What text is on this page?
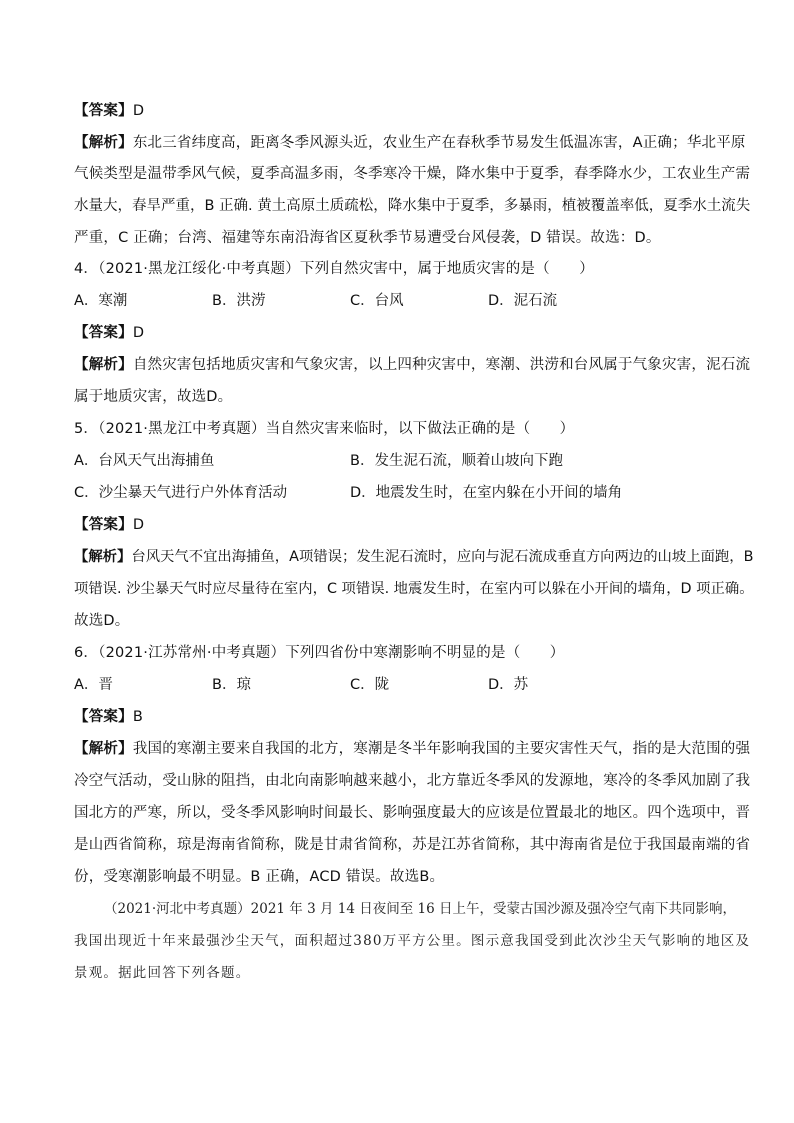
【答案】D
【解析】东北三省纬度高，距离冬季风源头近，农业生产在春秋季节易发生低温冻害，A正确；华北平原
气候类型是温带季风气候，夏季高温多雨，冬季寒冷干燥，降水集中于夏季，春季降水少，工农业生产需
水量大，春旱严重，B 正确. 黄土高原土质疏松，降水集中于夏季，多暴雨，植被覆盖率低，夏季水土流失
严重，C 正确；台湾、福建等东南沿海省区夏秋季节易遭受台风侵袭，D 错误。故选：D。
4．（2021·黑龙江绥化·中考真题）下列自然灾害中，属于地质灾害的是（　　）
A．寒潮	B．洪涝	C．台风	D．泥石流
【答案】D
【解析】自然灾害包括地质灾害和气象灾害，以上四种灾害中，寒潮、洪涝和台风属于气象灾害，泥石流
属于地质灾害，故选D。
5．（2021·黑龙江中考真题）当自然灾害来临时，以下做法正确的是（　　）
A．台风天气出海捕鱼	B．发生泥石流，顺着山坡向下跑
C．沙尘暴天气进行户外体育活动	D．地震发生时，在室内躲在小开间的墙角
【答案】D
【解析】台风天气不宜出海捕鱼，A项错误；发生泥石流时，应向与泥石流成垂直方向两边的山坡上面跑，B
项错误. 沙尘暴天气时应尽量待在室内，C 项错误. 地震发生时，在室内可以躲在小开间的墙角，D 项正确。
故选D。
6．（2021·江苏常州·中考真题）下列四省份中寒潮影响不明显的是（　　）
A．晋	B．琼	C．陇	D．苏
【答案】B
【解析】我国的寒潮主要来自我国的北方，寒潮是冬半年影响我国的主要灾害性天气，指的是大范围的强
冷空气活动，受山脉的阻挡，由北向南影响越来越小，北方靠近冬季风的发源地，寒冷的冬季风加剧了我
国北方的严寒，所以，受冬季风影响时间最长、影响强度最大的应该是位置最北的地区。四个选项中，晋
是山西省简称，琼是海南省简称，陇是甘肃省简称，苏是江苏省简称，其中海南省是位于我国最南端的省
份，受寒潮影响最不明显。B 正确，ACD 错误。故选B。
（2021·河北中考真题）2021 年 3 月 14 日夜间至 16 日上午，受蒙古国沙源及强冷空气南下共同影响，
我国出现近十年来最强沙尘天气，面积超过380万平方公里。图示意我国受到此次沙尘天气影响的地区及
景观。据此回答下列各题。
